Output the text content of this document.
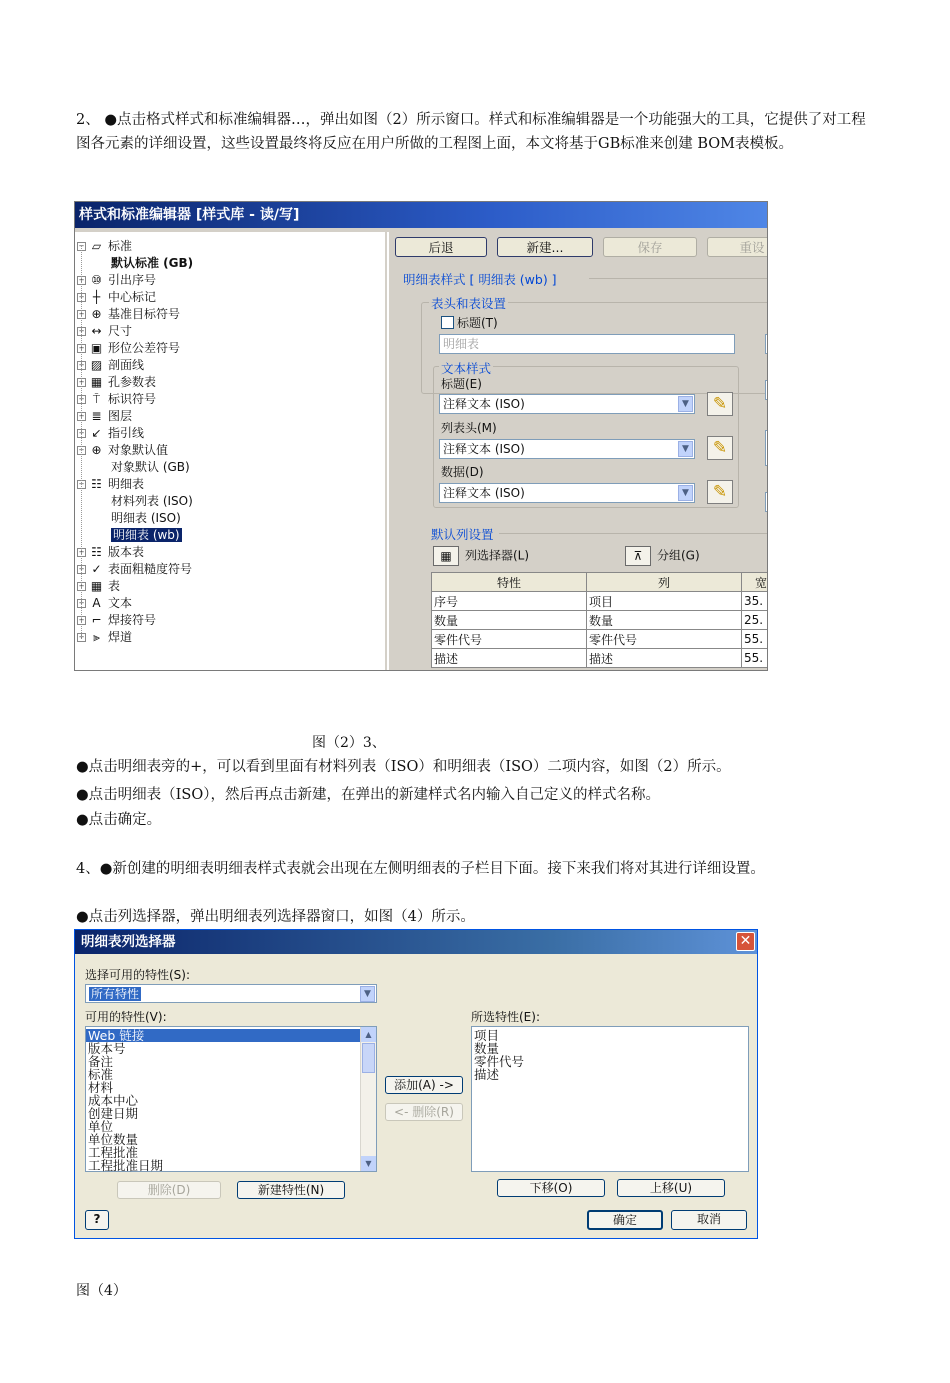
2、 ●点击格式样式和标准编辑器…，弹出如图（2）所示窗口。样式和标准编辑器是一个功能强大的工具，它提供了对工程图各元素的详细设置，这些设置最终将反应在用户所做的工程图上面，本文将基于GB标准来创建 BOM表模板。
样式和标准编辑器 [样式库 - 读/写]
− ▱ 标准
默认标准 (GB)
+ ⑩ 引出序号
+ ┼ 中心标记
+ ⊕ 基准目标符号
+ ↔ 尺寸
+ ▣ 形位公差符号
+ ▨ 剖面线
+ ▦ 孔参数表
+ ⍑ 标识符号
+ ≣ 图层
+ ↙ 指引线
− ⊕ 对象默认值
对象默认 (GB)
− ☷ 明细表
材料列表 (ISO)
明细表 (ISO)
明细表 (wb)
+ ☷ 版本表
+ ✓ 表面粗糙度符号
+ ▦ 表
+ A 文本
+ ⌐ 焊接符号
+ ⫸ 焊道
后退	新建...	保存	重设
明细表样式 [ 明细表 (wb) ]
表头和表设置
标题(T)
明细表
文本样式
标题(E)
注释文本 (ISO)	▼	✎
列表头(M)
注释文本 (ISO)	▼	✎
数据(D)
注释文本 (ISO)	▼	✎
默认列设置
▦ 列选择器(L)	⊼ 分组(G)
特性	列	宽
序号	项目	35.
数量	数量	25.
零件代号	零件代号	55.
描述	描述	55.
图（2）3、
●点击明细表旁的+，可以看到里面有材料列表（ISO）和明细表（ISO）二项内容，如图（2）所示。
●点击明细表（ISO），然后再点击新建，在弹出的新建样式名内输入自己定义的样式名称。
●点击确定。
4、●新创建的明细表明细表样式表就会出现在左侧明细表的子栏目下面。接下来我们将对其进行详细设置。
●点击列选择器，弹出明细表列选择器窗口，如图（4）所示。
明细表列选择器	✕
选择可用的特性(S):
所有特性	▼
可用的特性(V):
Web 链接
版本号
备注
标准
材料
成本中心
创建日期
单位
单位数量
工程批准
工程批准日期
▲
▼
添加(A) ->
<- 删除(R)
所选特性(E):
项目
数量
零件代号
描述
删除(D)	新建特性(N)	下移(O)	上移(U)
?	确定	取消
图（4）
